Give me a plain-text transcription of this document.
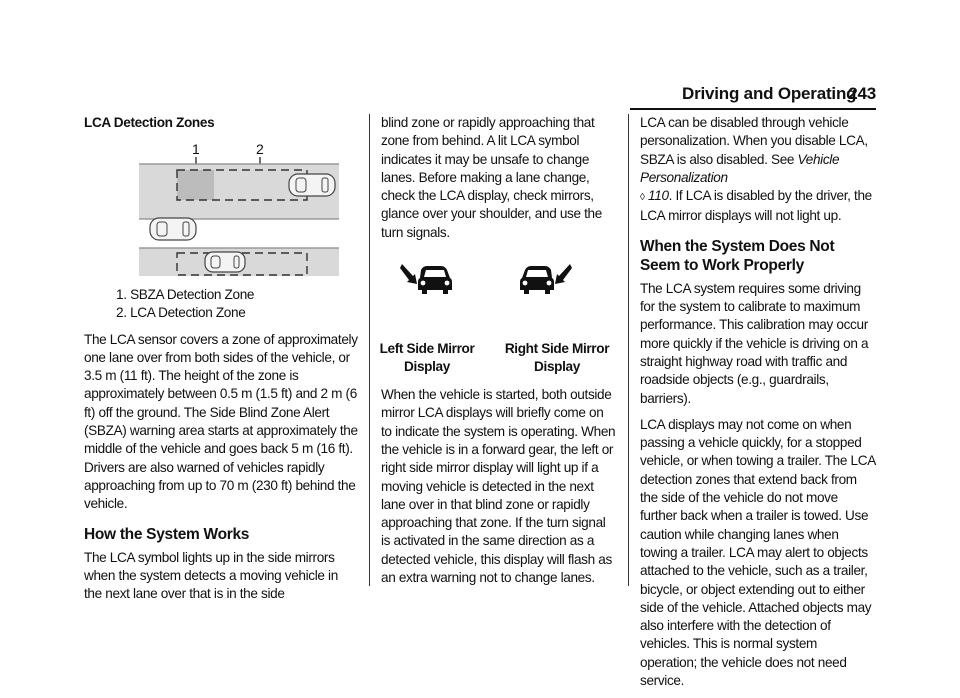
Driving and Operating
243
LCA Detection Zones
1	2
1. SBZA Detection Zone
2. LCA Detection Zone

The LCA sensor covers a zone of approximately one lane over from both sides of the vehicle, or 3.5 m (11 ft). The height of the zone is approximately between 0.5 m (1.5 ft) and 2 m (6 ft) off the ground. The Side Blind Zone Alert (SBZA) warning area starts at approximately the middle of the vehicle and goes back 5 m (16 ft). Drivers are also warned of vehicles rapidly approaching from up to 70 m (230 ft) behind the vehicle.

How the System Works

The LCA symbol lights up in the side mirrors when the system detects a moving vehicle in the next lane over that is in the side

blind zone or rapidly approaching that zone from behind. A lit LCA symbol indicates it may be unsafe to change lanes. Before making a lane change, check the LCA display, check mirrors, glance over your shoulder, and use the turn signals.

Left Side Mirror Display
Right Side Mirror Display

When the vehicle is started, both outside mirror LCA displays will briefly come on to indicate the system is operating. When the vehicle is in a forward gear, the left or right side mirror display will light up if a moving vehicle is detected in the next lane over in that blind zone or rapidly approaching that zone. If the turn signal is activated in the same direction as a detected vehicle, this display will flash as an extra warning not to change lanes.

LCA can be disabled through vehicle personalization. When you disable LCA, SBZA is also disabled. See Vehicle Personalization
◊ 110. If LCA is disabled by the driver, the LCA mirror displays will not light up.

When the System Does Not Seem to Work Properly

The LCA system requires some driving for the system to calibrate to maximum performance. This calibration may occur more quickly if the vehicle is driving on a straight highway road with traffic and roadside objects (e.g., guardrails, barriers).

LCA displays may not come on when passing a vehicle quickly, for a stopped vehicle, or when towing a trailer. The LCA detection zones that extend back from the side of the vehicle do not move further back when a trailer is towed. Use caution while changing lanes when towing a trailer. LCA may alert to objects attached to the vehicle, such as a trailer, bicycle, or object extending out to either side of the vehicle. Attached objects may also interfere with the detection of vehicles. This is normal system operation; the vehicle does not need service.
